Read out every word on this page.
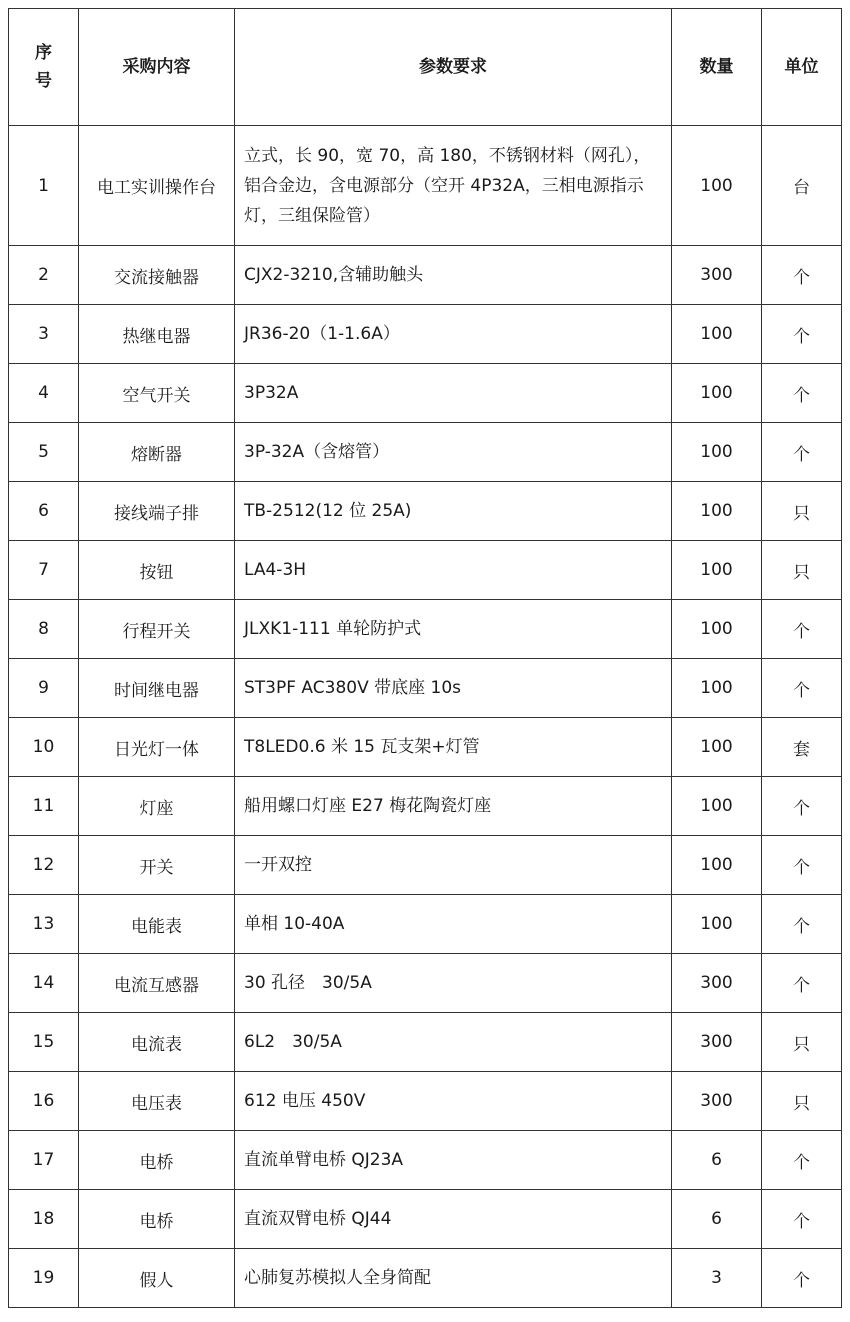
序
号	采购内容	参数要求	数量	单位
1	电工实训操作台	立式，长 90，宽 70，高 180，不锈钢材料（网孔），铝合金边，含电源部分（空开 4P32A，三相电源指示灯，三组保险管）	100	台
2	交流接触器	CJX2-3210,含辅助触头	300	个
3	热继电器	JR36-20（1-1.6A）	100	个
4	空气开关	3P32A	100	个
5	熔断器	3P-32A（含熔管）	100	个
6	接线端子排	TB-2512(12 位 25A)	100	只
7	按钮	LA4-3H	100	只
8	行程开关	JLXK1-111 单轮防护式	100	个
9	时间继电器	ST3PF AC380V 带底座 10s	100	个
10	日光灯一体	T8LED0.6 米 15 瓦支架+灯管	100	套
11	灯座	船用螺口灯座 E27 梅花陶瓷灯座	100	个
12	开关	一开双控	100	个
13	电能表	单相 10-40A	100	个
14	电流互感器	30 孔径　30/5A	300	个
15	电流表	6L2　30/5A	300	只
16	电压表	612 电压 450V	300	只
17	电桥	直流单臂电桥 QJ23A	6	个
18	电桥	直流双臂电桥 QJ44	6	个
19	假人	心肺复苏模拟人全身简配	3	个
